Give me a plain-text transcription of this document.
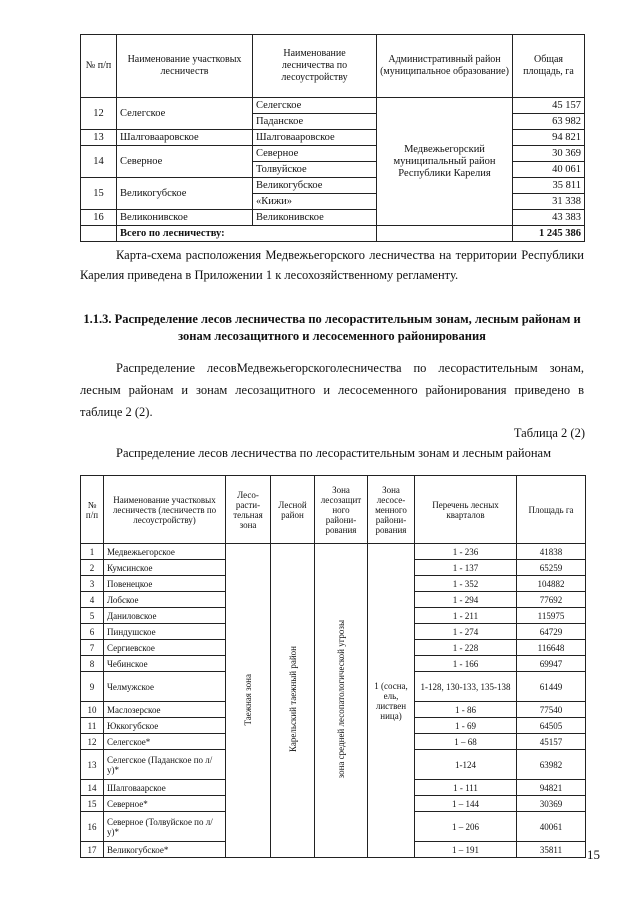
№ п/п	Наименование участковых лесничеств	Наименование лесничества по лесоустройству	Административный район (муниципальное образование)	Общая площадь, га
12	Селегское	Селегское	Медвежьегорский муниципальный район Республики Карелия	45 157
		Паданское		63 982
13	Шалговааровское	Шалговааровское		94 821
14	Северное	Северное		30 369
		Толвуйское		40 061
15	Великогубское	Великогубское		35 811
		«Кижи»		31 338
16	Великонивское	Великонивское		43 383
	Всего по лесничеству:			1 245 386
Карта-схема расположения Медвежьегорского лесничества на территории Республики Карелия приведена в Приложении 1 к лесохозяйственному регламенту.
1.1.3. Распределение лесов лесничества по лесорастительным зонам, лесным районам и зонам лесозащитного и лесосеменного районирования
Распределение лесовМедвежьегорскоголесничества по лесорастительным зонам, лесным районам и зонам лесозащитного и лесосеменного районирования приведено в таблице 2 (2).
Таблица 2 (2)
Распределение лесов лесничества по лесорастительным зонам и лесным районам
№ п/п	Наименование участковых лесничеств (лесничеств по лесоустройству)	Лесо-расти-тельная зона	Лесной район	Зона лесозащит ного райони-рования	Зона лесосе-менного райони-рования	Перечень лесных кварталов	Площадь га
1	Медвежьегорское	Таежная зона	Карельский таежный район	зона средней лесопатологической угрозы	1 (сосна, ель, листвен ница)	1 - 236	41838
2	Кумсинское					1 - 137	65259
3	Повенецкое					1 - 352	104882
4	Лобское					1 - 294	77692
5	Даниловское					1 - 211	115975
6	Пиндушское					1 - 274	64729
7	Сергиевское					1 - 228	116648
8	Чебинское					1 - 166	69947
9	Челмужское					1-128, 130-133, 135-138	61449
10	Маслозерское					1 - 86	77540
11	Юккогубское					1 - 69	64505
12	Селегское*					1 – 68	45157
13	Селегское (Паданское по л/у)*					1-124	63982
14	Шалговаарское					1 - 111	94821
15	Северное*					1 – 144	30369
16	Северное (Толвуйское по л/у)*					1 – 206	40061
17	Великогубское*					1 – 191	35811 15
